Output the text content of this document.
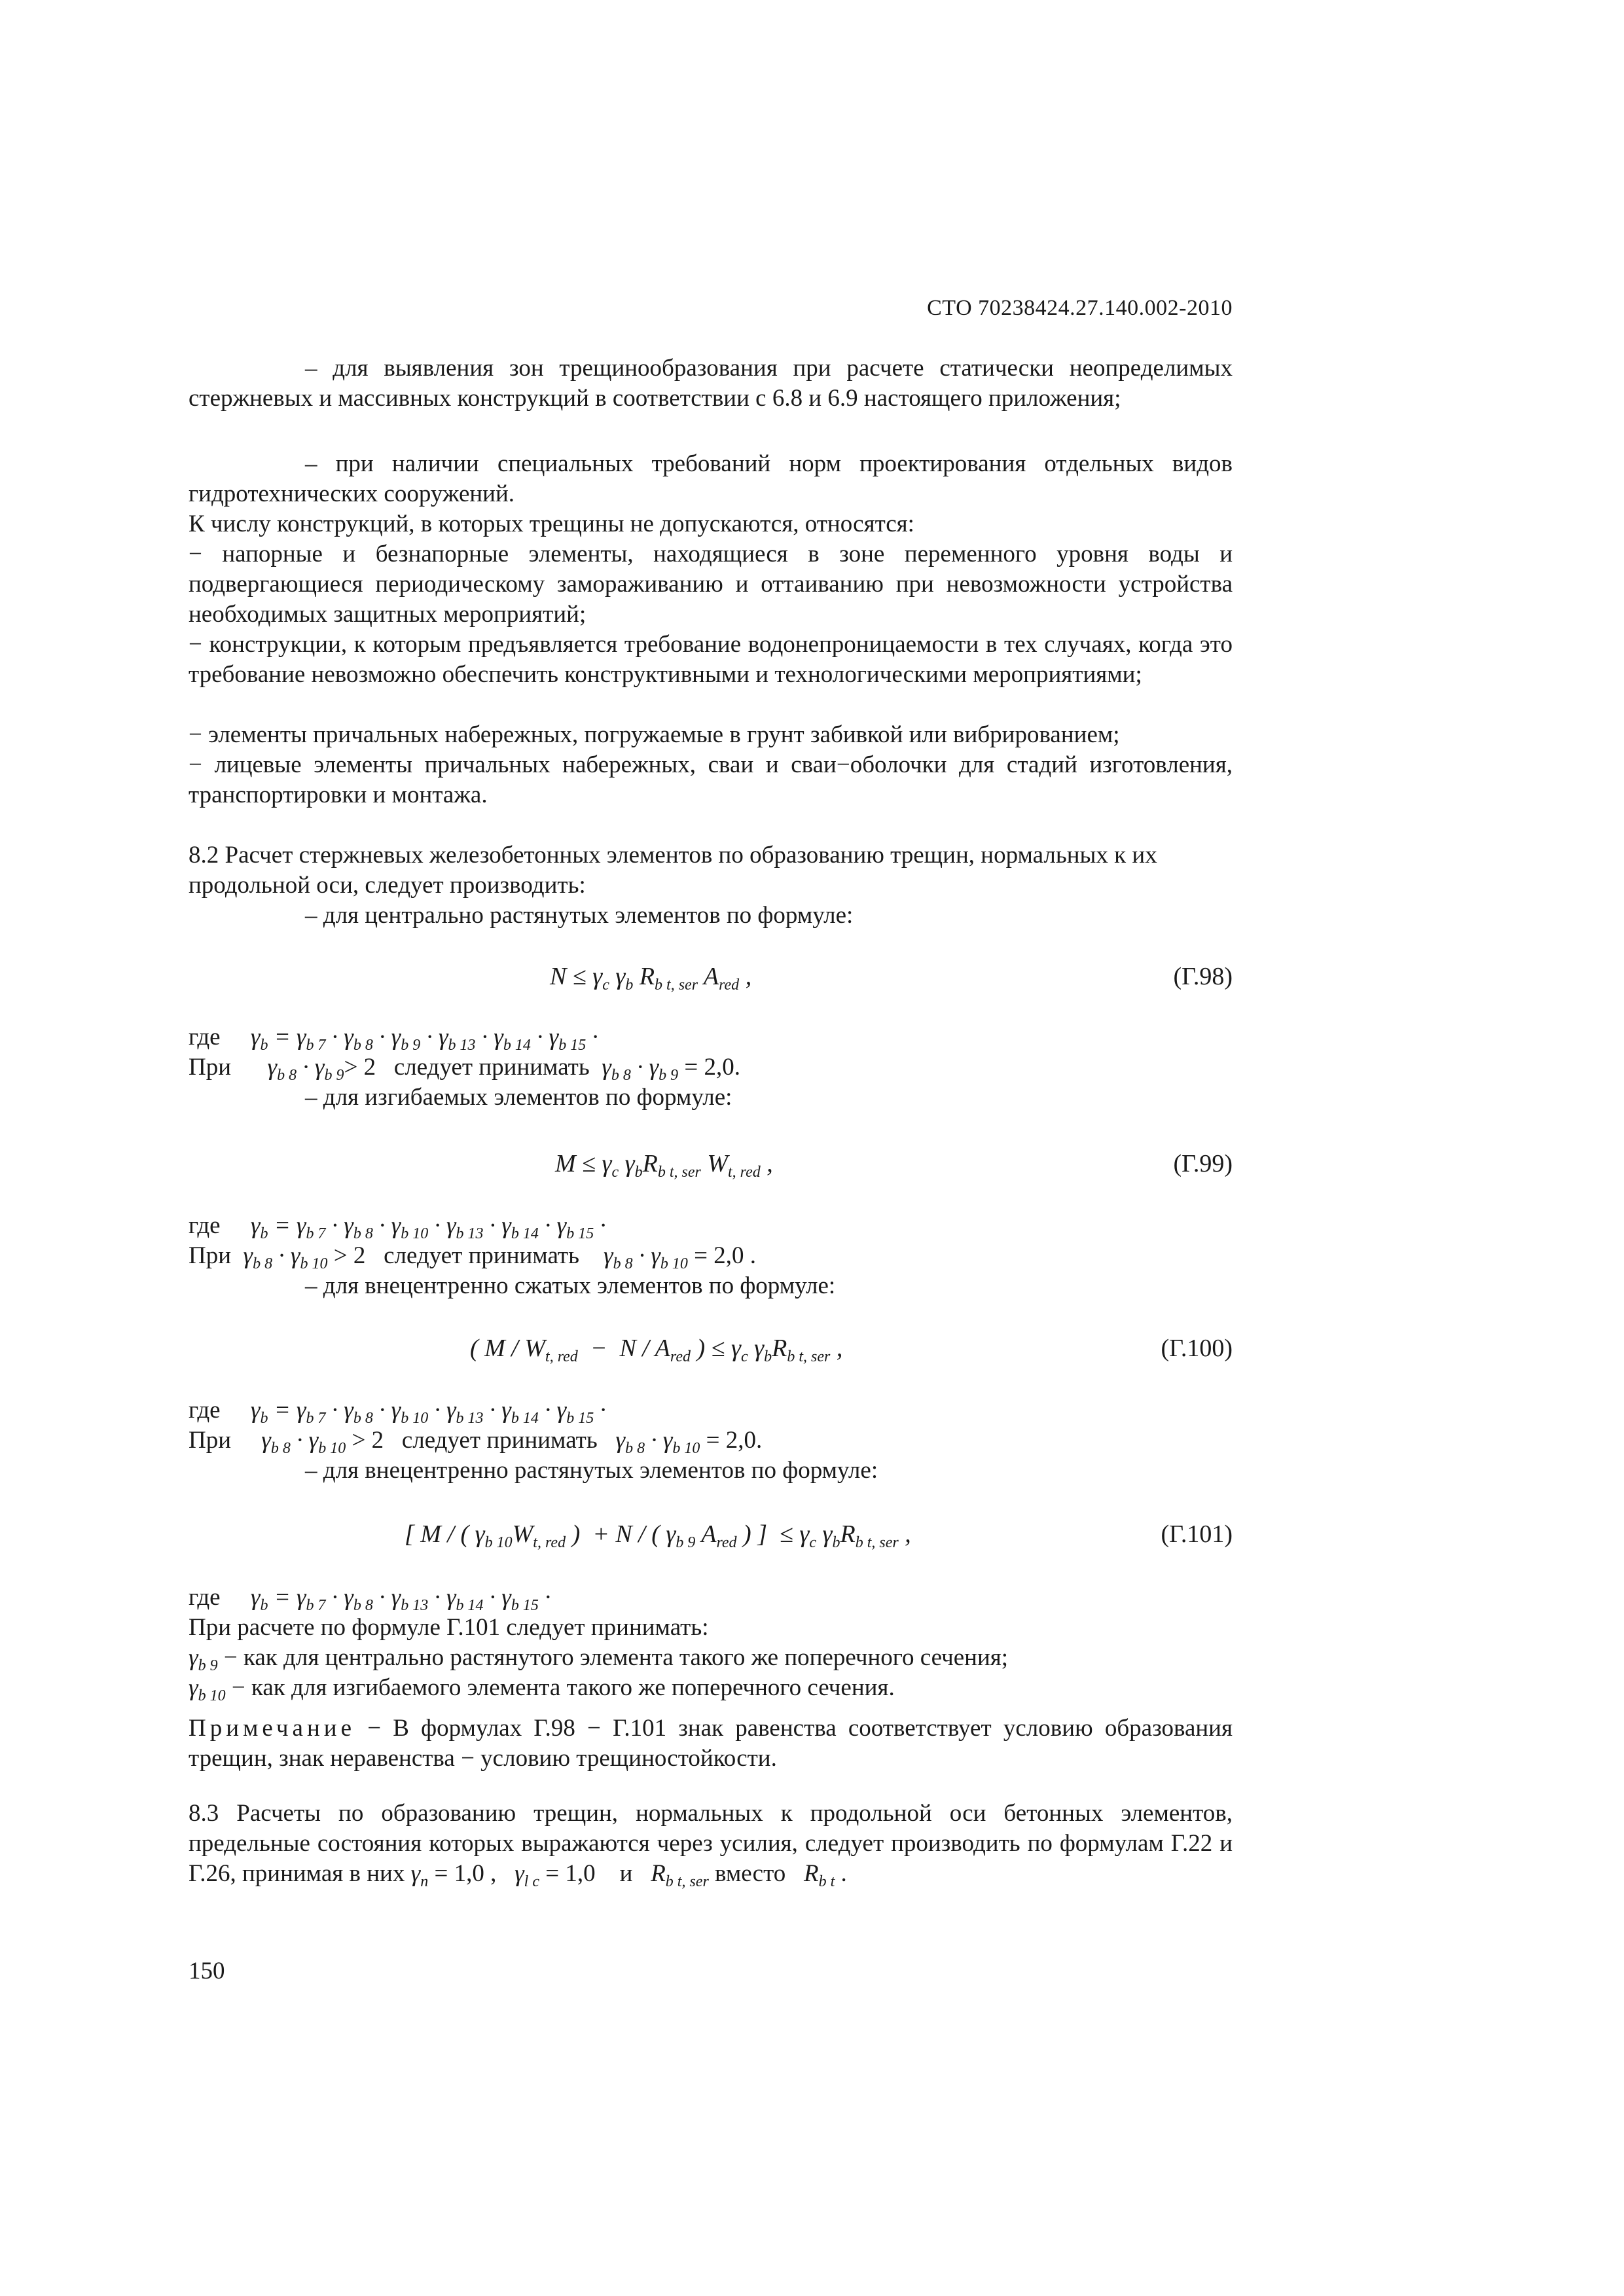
СТО 70238424.27.140.002-2010
– для выявления зон трещинообразования при расчете статически неопределимых стержневых и массивных конструкций в соответствии с 6.8 и 6.9 настоящего приложения;
– при наличии специальных требований норм проектирования отдельных видов гидротехнических сооружений.
К числу конструкций, в которых трещины не допускаются, относятся:
− напорные и безнапорные элементы, находящиеся в зоне переменного уровня воды и подвергающиеся периодическому замораживанию и оттаиванию при невозможности устройства необходимых защитных мероприятий;
− конструкции, к которым предъявляется требование водонепроницаемости в тех случаях, когда это требование невозможно обеспечить конструктивными и технологическими мероприятиями;
− элементы причальных набережных, погружаемые в грунт забивкой или вибрированием;
− лицевые элементы причальных набережных, сваи и сваи−оболочки для стадий изготовления, транспортировки и монтажа.
8.2 Расчет стержневых железобетонных элементов по образованию трещин, нормальных к их продольной оси, следует производить:
– для центрально растянутых элементов по формуле:
$N \le \gamma_c$ $\gamma_b$ $R_{b t, ser}$ $A_{red}$ ,	(Г.98)
где $\gamma_b = \gamma_{b 7} \cdot \gamma_{b 8} \cdot \gamma_{b 9} \cdot \gamma_{b 13} \cdot \gamma_{b 14} \cdot \gamma_{b 15}$ ·
При $\gamma_{b 8} \cdot \gamma_{b 9}> 2$   следует принимать $\gamma_{b 8} \cdot \gamma_{b 9} = 2,0$.
– для изгибаемых элементов по формуле:
$M \le \gamma_c$ $\gamma_bR_{b t, ser}$ $W_{t, red}$ ,	(Г.99)
где $\gamma_b = \gamma_{b 7} \cdot \gamma_{b 8} \cdot \gamma_{b 10} \cdot \gamma_{b 13} \cdot \gamma_{b 14} \cdot \gamma_{b 15}$ ·
При $\gamma_{b 8} \cdot \gamma_{b 10} > 2$   следует принимать $\gamma_{b 8} \cdot \gamma_{b 10} = 2,0$ .
– для внецентренно сжатых элементов по формуле:
( $M / W_{t, red} - N / A_{red}$ ) ≤ $\gamma_c$ $\gamma_bR_{b t, ser}$ ,	(Г.100)
где $\gamma_b = \gamma_{b 7} \cdot \gamma_{b 8} \cdot \gamma_{b 10} \cdot \gamma_{b 13} \cdot \gamma_{b 14} \cdot \gamma_{b 15}$ ·
При $\gamma_{b 8} \cdot \gamma_{b 10} > 2$   следует принимать $\gamma_{b 8} \cdot \gamma_{b 10} = 2,0$.
– для внецентренно растянутых элементов по формуле:
[ M / ( $\gamma_{b 10}W_{t, red}$ )  + N / ( $\gamma_{b 9}$ $A_{red}$ ) ]  ≤ $\gamma_c$ $\gamma_bR_{b t, ser}$ ,	(Г.101)
где $\gamma_b = \gamma_{b 7} \cdot \gamma_{b 8} \cdot \gamma_{b 13} \cdot \gamma_{b 14} \cdot \gamma_{b 15}$ ·
При расчете по формуле Г.101 следует принимать:
$\gamma_{b 9}$ − как для центрально растянутого элемента такого же поперечного сечения;
$\gamma_{b 10}$ − как для изгибаемого элемента такого же поперечного сечения.
Примечание − В формулах Г.98 − Г.101 знак равенства соответствует условию образования трещин, знак неравенства − условию трещиностойкости.
8.3 Расчеты по образованию трещин, нормальных к продольной оси бетонных элементов, предельные состояния которых выражаются через усилия, следует производить по формулам Г.22 и Г.26, принимая в них $\gamma_n = 1,0$ ,   $\gamma_{l c} = 1,0$    и $R_{b t, ser}$ вместо $R_{b t}$ .
150
